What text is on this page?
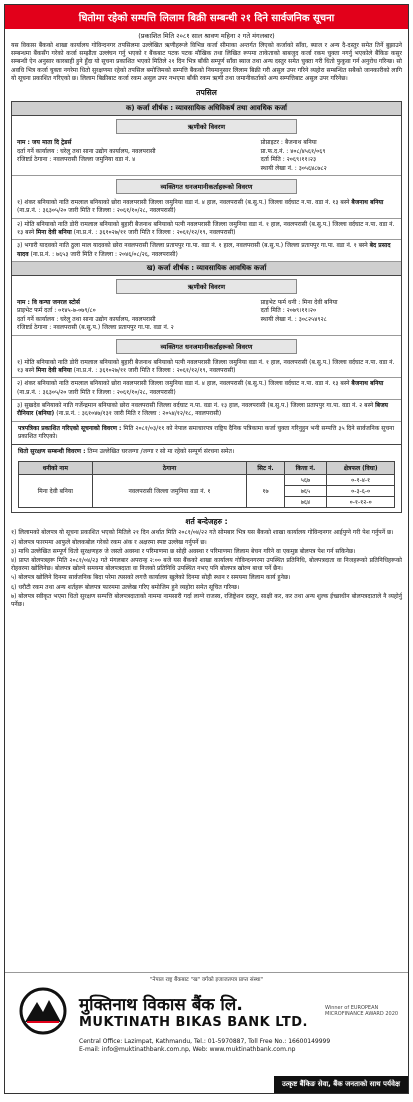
धितोमा रहेको सम्पत्ति लिलाम बिक्री सम्बन्धी २१ दिने सार्वजनिक सूचना
(प्रकाशित मिति २०८१ साल श्रावण महिना २ गते मंगलबार)
यस विकास बैंकको शाखा कार्यालय गोविन्दनगर तपसिलमा उल्लेखित ऋणीहरूले विभिन्न कर्जा सीमाका अन्तर्गत लिएको कर्जाको साँवा, ब्याज र अन्य दै-दस्तुर समेत तिर्ने बुझाउने सम्बन्धमा बैंकसँग गरेको कर्जा सम्झौता उल्लंघन गर्नु भएको र बैंकबाट पटक पटक मौखिक तथा लिखित रूपमा ताकेताको बाबजुद कर्जा रकम चुक्ता नगर्नु भएकोले बैंकिङ कसुर सम्बन्धी ऐन अनुसार कारबाही हुने हुँदा यो सूचना प्रकाशित भएको मितिले २१ दिन भित्र बाँकी सम्पूर्ण साँवा ब्याज तथा अन्य दस्तुर समेत चुक्ता गरी धितो फुकुवा गर्न अनुरोध गरिन्छ। सो अवधि भित्र कर्जा चुक्ता नगरेमा धितो सुरक्षणमा रहेको तपसिल बमोजिमको सम्पत्ति बैंकको नियमानुसार लिलाम बिक्री गरी असुल उपर गरिने व्यहोरा सम्बन्धित सबैको जानकारीको लागि यो सूचना प्रकाशित गरिएको छ। लिलाम बिक्रीबाट कर्जा रकम असुल उपर नभएमा बाँकी रकम ऋणी तथा जमानीकर्ताको अन्य सम्पत्तिबाट असुल उपर गरिनेछ।
तपसिल
क) कर्जा शीर्षक : व्यावसायिक अधिविकर्ष तथा आवधिक कर्जा
ऋणीको विवरण
नाम : जय माता दि ट्रेडर्स
दर्ता गर्ने कार्यालय : घरेलु तथा साना उद्योग कार्यालय, नवलपरासी
रजिष्टर्ड ठेगाना : नवलपरासी जिल्ला जमुनिया वडा नं. ४
प्रोप्राइटर : बैजनाथ बनिया
प्रा.फ.द.नं. : ४०८/४५६१/०६९
दर्ता मिति : २०६९।११।२३
स्थायी लेखा नं. : ३०५६४८७८२
व्यक्तिगत धनजमानीकर्ताहरूको विवरण
१) शंकर बनियाको नाति रामलाल बनियाको छोरा नवलपरासी जिल्ला जमुनिया वडा नं. ४ हाल, नवलपरासी (ब.सु.प.) जिल्ला वर्दघाट न.पा. वडा नं. १३ बस्ने बैजनाथ बनिया (ना.प्र.नं. : ३६३०५/२० जारी मिति र जिल्ला : २०६१/१०/२८, नवलपरासी)
२) मोति बनियाको नाति डोरी रामलाल बनियाको बुहारी बैजनाथ बनियाको पत्नी नवलपरासी जिल्ला जमुनिया वडा नं. १ हाल, नवलपरासी (ब.सु.प.) जिल्ला वर्दघाट न.पा. वडा नं. १३ बस्ने मिना देवी बनिया (ना.प्र.नं. : ३६१०२७/११ जारी मिति र जिल्ला : २०६१/१२/१९, नवलपरासी)
३) भगारी यादवको नाति ठुला माल यादवको छोरा नवलपरासी जिल्ला प्रतापपुर गा.पा. वडा नं. १ हाल, नवलपरासी (ब.सु.प.) जिल्ला प्रतापपुर गा.पा. वडा नं. १ बस्ने बेद प्रसाद यादव (ना.प्र.नं. : ७६५३ जारी मिति र जिल्ला : २०४६/०८/२६, नवलपरासी)
ख) कर्जा शीर्षक : व्यावसायिक आवधिक कर्जा
ऋणीको विवरण
नाम : वि कन्या जनरल स्टोर्स
प्राइभेट फर्म दर्ता : ०१४५-७-०७९/८०
दर्ता गर्ने कार्यालय : घरेलु तथा साना उद्योग कार्यालय, नवलपरासी
रजिष्टर्ड ठेगाना : नवलपरासी (ब.सु.प.) जिल्ला प्रतापपुर गा.पा. वडा नं. २
प्राइभेट फर्म धनी : मिना देवी बनिया
दर्ता मिति : २०७९।११।२०
स्थायी लेखा नं. : ३०८२५४९२८
व्यक्तिगत धनजमानीकर्ताहरूको विवरण
१) मोति बनियाको नाति डोरी रामलाल बनियाको बुहारी बैजनाथ बनियाको पत्नी नवलपरासी जिल्ला जमुनिया वडा नं. १ हाल, नवलपरासी (ब.सु.प.) जिल्ला वर्दघाट न.पा. वडा नं. १३ बस्ने मिना देवी बनिया (ना.प्र.नं. : ३६१०२७/११ जारी मिति र जिल्ला : २०६१/१२/१९, नवलपरासी)
२) शंकर बनियाको नाति रामलाल बनियाको छोरा नवलपरासी जिल्ला जमुनिया वडा नं. ४ हाल, नवलपरासी (ब.सु.प.) जिल्ला वर्दघाट न.पा. वडा नं. १३ बस्ने बैजनाथ बनिया (ना.प्र.नं. : ३६३०५/२० जारी मिति र जिल्ला : २०६१/१०/२८, नवलपरासी)
३) सुखदेव बनियाको नाति गर्जेन्द्रमान बनियाको छोरा नवलपरासी जिल्ला वर्दघाट न.पा. वडा नं. १३ हाल, नवलपरासी (ब.सु.प.) जिल्ला प्रतापपुर गा.पा. वडा नं. २ बस्ने बिजय रौनियार (बनिया) (ना.प्र.नं. : ३६१०४७/१३१ जारी मिति र जिल्ला : २०५४/१२/१८, नवलपरासी)
पत्रपत्रिका प्रकाशित गरिएको सूचनाको विवरण : मिति २०८१/०३/११ को नेपाल समाचारपत्र राष्ट्रिय दैनिक पत्रिकामा कर्जा चुक्ता गरिनुहुन भनी सम्पत्ति ३५ दिने सार्वजनिक सूचना प्रकाशित गरिएको।
धितो सुरक्षण सम्बन्धी विवरण : तिम्न उल्लेखित घरजग्गा /जग्गा र सो मा रहेको सम्पूर्ण संरचना समेत।
धनीको नाम	ठेगाना	सिट नं.	कित्ता नं.	क्षेत्रफल (विघा)
मिना देवी बनिया	नवलपरासी जिल्ला जमुनिया वडा नं. १	१७	५६७	०-१-४-१
			७६५	०-३-६-०
			७६४	०-१-१२-०
शर्त बन्देजहरु :
१) लिलामको बोलपत्र यो सूचना प्रकाशित भएको मितिले २१ दिन अर्थात मिति २०८१/०४/२२ गते सोमबार भित्र यस बैंकको शाखा कार्यालय गोविन्दनगर आईपुग्ने गरी पेश गर्नुपर्ने छ।
२) बोलपत्र फारममा आफुले बोलकबोल गरेको रकम अंक र अक्षरमा स्पष्ट उल्लेख गर्नुपर्ने छ।
३) माथि उल्लेखित सम्पूर्ण धितो सुरक्षणहरु जे जस्तो अवस्था र परिमाणमा छ सोही अवस्था र परिमाणमा लिलाम बेचन गरिने वा एकमुष्ठ बोलपत्र पेश गर्न सकिनेछ।
४) प्राप्त बोलपत्रहरू मिति २०८१/०४/२३ गते मंगलबार अपरान्ह २:०० बजे यस बैंकको शाखा कार्यालय गोविन्दनगरमा उपस्थित प्रतिनिधि, बोलपत्रदाता वा निजहरूको प्रतिनिधिहरूको रोहवरमा खोलिनेछ। बोलपत्र खोल्ने समयमा बोलपत्रदाता वा निजको प्रतिनिधि उपस्थित नभए पनि बोलपत्र खोल्न बाधा पर्ने छैन।
५) बोलपत्र खोलिने दिनमा सार्वजनिक बिदा परेमा त्यसको लगत्तै कार्यालय खुलेको दिनमा सोही स्थान र समयमा लिलाम कार्य हुनेछ।
६) धरौटी रकम तथा अन्य शर्तहरू बोलपत्र फारममा उल्लेख गरिए बमोजिम हुने व्यहोरा समेत सूचित गरिन्छ।
७) बोलपत्र स्वीकृत भएमा धितो सुरक्षण सम्पत्ति बोलपत्रदाताको नाममा नामसारी गर्दा लाग्ने राजस्व, रजिष्ट्रेशन दस्तुर, साक्षी कर, कर तथा अन्य शुल्क ईच्छाधीन बोलपत्रदाताले नै व्यहोर्नु पर्नेछ।
"नेपाल राष्ट्र बैंकबाट "ख" वर्गको इजाजतपत्र प्राप्त संस्था"
मुक्तिनाथ विकास बैंक लि.
MUKTINATH BIKAS BANK LTD.
Winner of EUROPEAN MICROFINANCE AWARD 2020
Central Office: Lazimpat, Kathmandu, Tel.: 01-5970887, Toll Free No.: 16600149999
E-mail: info@muktinathbank.com.np, Web: www.muktinathbank.com.np
उत्कृष्ट बैंकिङ सेवा, बैंक जनताको साथ पर्यवेक्ष
